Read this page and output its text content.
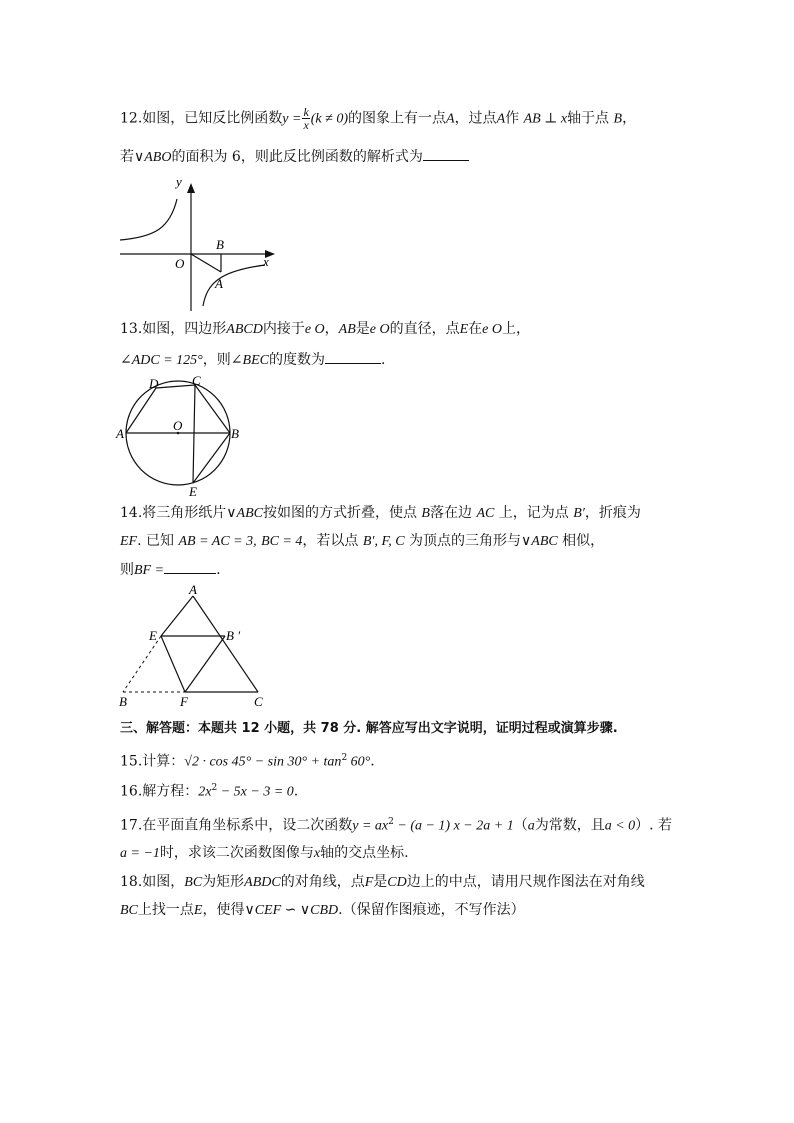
12.如图，已知反比例函数$y = \frac{k}{x} (k \ne 0)$的图象上有一点A，过点A作 AB ⊥ x轴于点 B，
若∨ABO的面积为 6，则此反比例函数的解析式为
y
x
O
B
A
13.如图，四边形ABCD内接于e O，AB是e O的直径，点E在e O上，
∠ADC = 125°，则∠BEC的度数为	.
A	B
C
D
E
O
14.将三角形纸片∨ABC按如图的方式折叠，使点 B落在边 AC 上，记为点 B′，折痕为
EF. 已知 AB = AC = 3, BC = 4，若以点 B′, F, C 为顶点的三角形与∨ABC 相似，
则BF =	.
A
E	B ′
B	F	C
三、解答题：本题共 12 小题，共 78 分. 解答应写出文字说明，证明过程或演算步骤.
15.计算：$√2 \cdot \cos 45^\circ - \sin 30^\circ + \tan^2 60^\circ$.
16.解方程：$2x^2 - 5x - 3 = 0$.
17.在平面直角坐标系中，设二次函数$y = ax^2 - (a - 1) x - 2a + 1(a$为常数，且a < 0）. 若
a = −1时，求该二次函数图像与x轴的交点坐标.
18.如图，BC为矩形ABDC的对角线，点F是CD边上的中点，请用尺规作图法在对角线
BC上找一点E，使得∨CEF ∽ ∨CBD.（保留作图痕迹，不写作法）
